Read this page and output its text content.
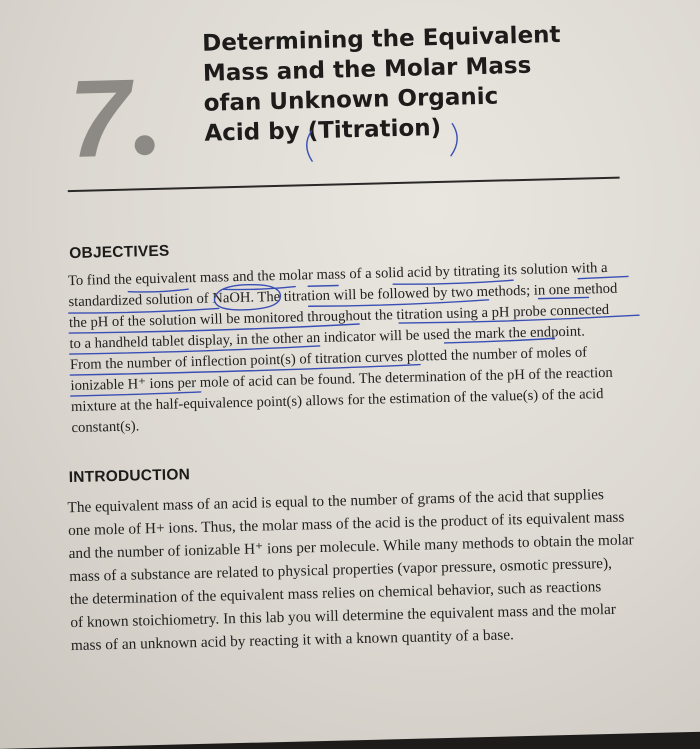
7
Determining the Equivalent
Mass and the Molar Mass
ofan Unknown Organic
Acid by (Titration)
OBJECTIVES
To find the equivalent mass and the molar mass of a solid acid by titrating its solution with a
standardized solution of NaOH. The titration will be followed by two methods; in one method
the pH of the solution will be monitored throughout the titration using a pH probe connected
to a handheld tablet display, in the other an indicator will be used the mark the endpoint.
From the number of inflection point(s) of titration curves plotted the number of moles of
ionizable H⁺ ions per mole of acid can be found. The determination of the pH of the reaction
mixture at the half-equivalence point(s) allows for the estimation of the value(s) of the acid
constant(s).
INTRODUCTION
The equivalent mass of an acid is equal to the number of grams of the acid that supplies
one mole of H+ ions. Thus, the molar mass of the acid is the product of its equivalent mass
and the number of ionizable H⁺ ions per molecule. While many methods to obtain the molar
mass of a substance are related to physical properties (vapor pressure, osmotic pressure),
the determination of the equivalent mass relies on chemical behavior, such as reactions
of known stoichiometry. In this lab you will determine the equivalent mass and the molar
mass of an unknown acid by reacting it with a known quantity of a base.
